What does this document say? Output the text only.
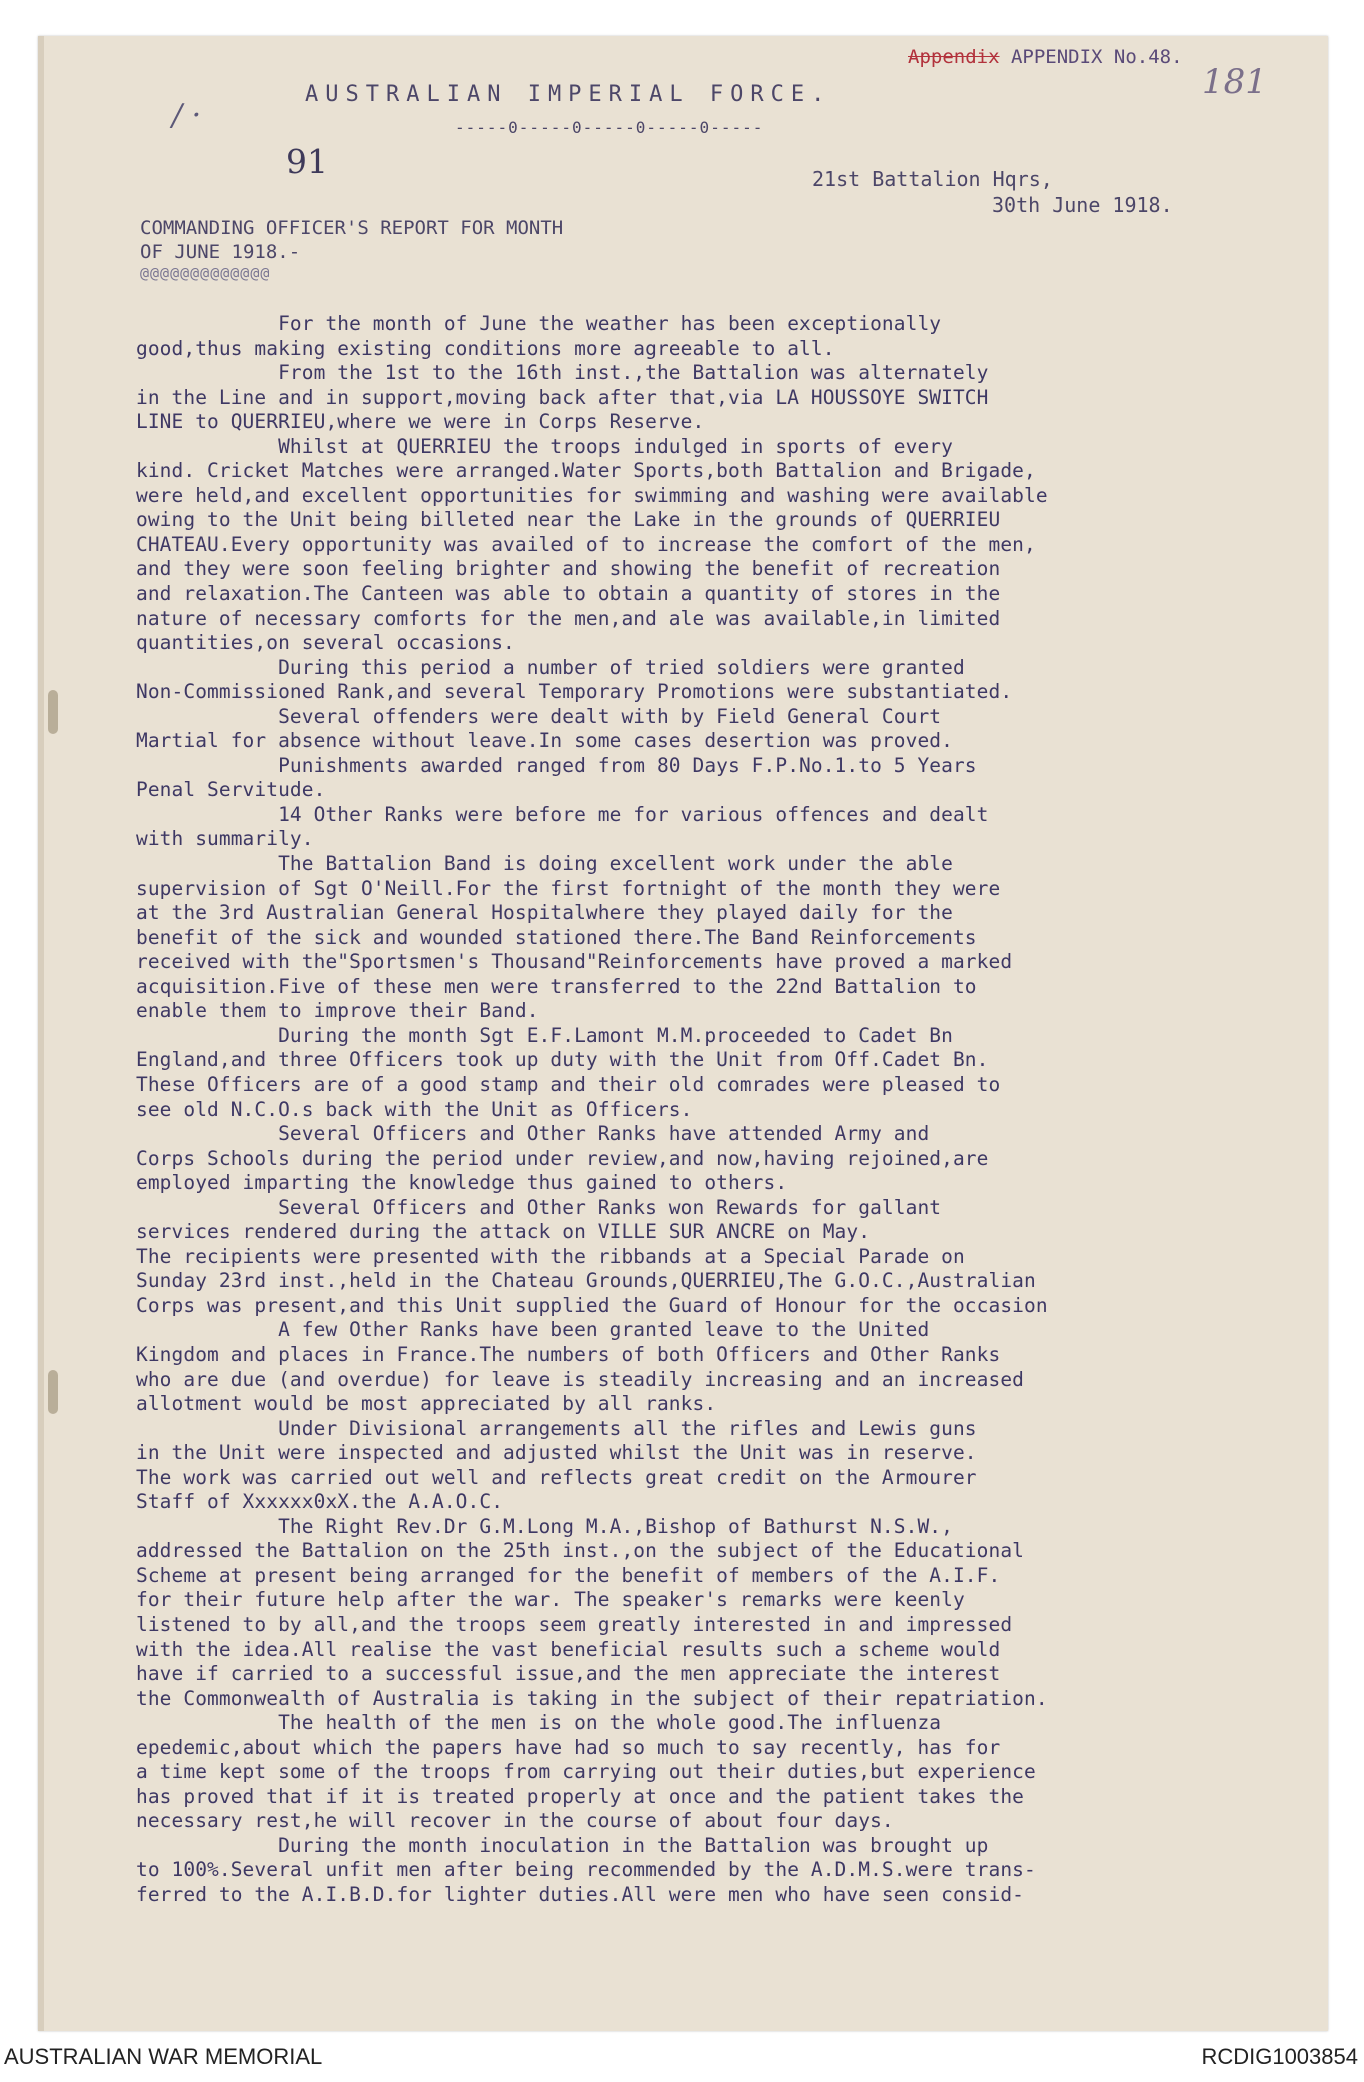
Appendix APPENDIX No.48.
181
/ ·
91
AUSTRALIAN IMPERIAL FORCE.
-----0-----0-----0-----0-----
21st Battalion Hqrs,
30th June 1918.
COMMANDING OFFICER'S REPORT FOR MONTH
OF JUNE 1918.-
@@@@@@@@@@@@@
For the month of June the weather has been exceptionally
good,thus making existing conditions more agreeable to all.
From the 1st to the 16th inst.,the Battalion was alternately
in the Line and in support,moving back after that,via LA HOUSSOYE SWITCH
LINE to QUERRIEU,where we were in Corps Reserve.
Whilst at QUERRIEU the troops indulged in sports of every
kind. Cricket Matches were arranged.Water Sports,both Battalion and Brigade,
were held,and excellent opportunities for swimming and washing were available
owing to the Unit being billeted near the Lake in the grounds of QUERRIEU
CHATEAU.Every opportunity was availed of to increase the comfort of the men,
and they were soon feeling brighter and showing the benefit of recreation
and relaxation.The Canteen was able to obtain a quantity of stores in the
nature of necessary comforts for the men,and ale was available,in limited
quantities,on several occasions.
During this period a number of tried soldiers were granted
Non-Commissioned Rank,and several Temporary Promotions were substantiated.
Several offenders were dealt with by Field General Court
Martial for absence without leave.In some cases desertion was proved.
Punishments awarded ranged from 80 Days F.P.No.1.to 5 Years
Penal Servitude.
14 Other Ranks were before me for various offences and dealt
with summarily.
The Battalion Band is doing excellent work under the able
supervision of Sgt O'Neill.For the first fortnight of the month they were
at the 3rd Australian General Hospitalwhere they played daily for the
benefit of the sick and wounded stationed there.The Band Reinforcements
received with the"Sportsmen's Thousand"Reinforcements have proved a marked
acquisition.Five of these men were transferred to the 22nd Battalion to
enable them to improve their Band.
During the month Sgt E.F.Lamont M.M.proceeded to Cadet Bn
England,and three Officers took up duty with the Unit from Off.Cadet Bn.
These Officers are of a good stamp and their old comrades were pleased to
see old N.C.O.s back with the Unit as Officers.
Several Officers and Other Ranks have attended Army and
Corps Schools during the period under review,and now,having rejoined,are
employed imparting the knowledge thus gained to others.
Several Officers and Other Ranks won Rewards for gallant
services rendered during the attack on VILLE SUR ANCRE on May.
The recipients were presented with the ribbands at a Special Parade on
Sunday 23rd inst.,held in the Chateau Grounds,QUERRIEU,The G.O.C.,Australian
Corps was present,and this Unit supplied the Guard of Honour for the occasion
A few Other Ranks have been granted leave to the United
Kingdom and places in France.The numbers of both Officers and Other Ranks
who are due (and overdue) for leave is steadily increasing and an increased
allotment would be most appreciated by all ranks.
Under Divisional arrangements all the rifles and Lewis guns
in the Unit were inspected and adjusted whilst the Unit was in reserve.
The work was carried out well and reflects great credit on the Armourer
Staff of Xxxxxx0xX.the A.A.O.C.
The Right Rev.Dr G.M.Long M.A.,Bishop of Bathurst N.S.W.,
addressed the Battalion on the 25th inst.,on the subject of the Educational
Scheme at present being arranged for the benefit of members of the A.I.F.
for their future help after the war. The speaker's remarks were keenly
listened to by all,and the troops seem greatly interested in and impressed
with the idea.All realise the vast beneficial results such a scheme would
have if carried to a successful issue,and the men appreciate the interest
the Commonwealth of Australia is taking in the subject of their repatriation.
The health of the men is on the whole good.The influenza
epedemic,about which the papers have had so much to say recently, has for
a time kept some of the troops from carrying out their duties,but experience
has proved that if it is treated properly at once and the patient takes the
necessary rest,he will recover in the course of about four days.
During the month inoculation in the Battalion was brought up
to 100%.Several unfit men after being recommended by the A.D.M.S.were trans-
ferred to the A.I.B.D.for lighter duties.All were men who have seen consid-
AUSTRALIAN WAR MEMORIAL	RCDIG1003854
